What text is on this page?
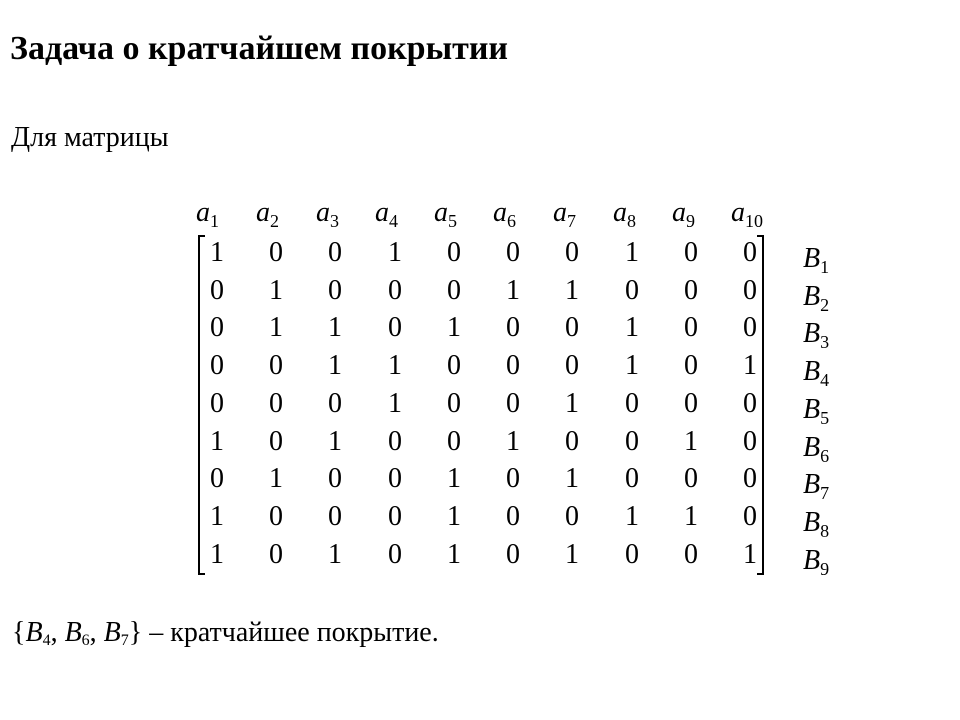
Задача о кратчайшем покрытии
Для матрицы
$a_1$ $a_2$ $a_3$ $a_4$ $a_5$ $a_6$ $a_7$ $a_8$ $a_9$ $a_{10}$
1 0 0 1 0 0 0 1 0 0
0 1 0 0 0 1 1 0 0 0
0 1 1 0 1 0 0 1 0 0
0 0 1 1 0 0 0 1 0 1
0 0 0 1 0 0 1 0 0 0
1 0 1 0 0 1 0 0 1 0
0 1 0 0 1 0 1 0 0 0
1 0 0 0 1 0 0 1 1 0
1 0 1 0 1 0 1 0 0 1
$B_1$
$B_2$
$B_3$
$B_4$
$B_5$
$B_6$
$B_7$
$B_8$
$B_9$
{$B_4$, $B_6$, $B_7$} – кратчайшее покрытие.
